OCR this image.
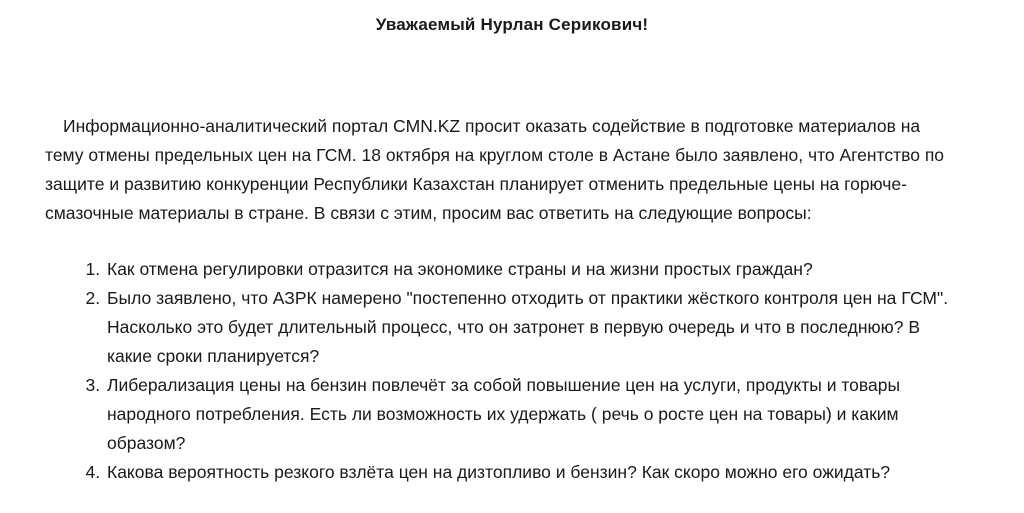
Уважаемый Нурлан Серикович!

Информационно-аналитический портал CMN.KZ просит оказать содействие в подготовке материалов на тему отмены предельных цен на ГСМ. 18 октября на круглом столе в Астане было заявлено, что Агентство по защите и развитию конкуренции Республики Казахстан планирует отменить предельные цены на горюче-смазочные материалы в стране. В связи с этим, просим вас ответить на следующие вопросы:

1. Как отмена регулировки отразится на экономике страны и на жизни простых граждан?
2. Было заявлено, что АЗРК намерено "постепенно отходить от практики жёсткого контроля цен на ГСМ". Насколько это будет длительный процесс, что он затронет в первую очередь и что в последнюю? В какие сроки планируется?
3. Либерализация цены на бензин повлечёт за собой повышение цен на услуги, продукты и товары народного потребления. Есть ли возможность их удержать ( речь о росте цен на товары) и каким образом?
4. Какова вероятность резкого взлёта цен на дизтопливо и бензин? Как скоро можно его ожидать?
